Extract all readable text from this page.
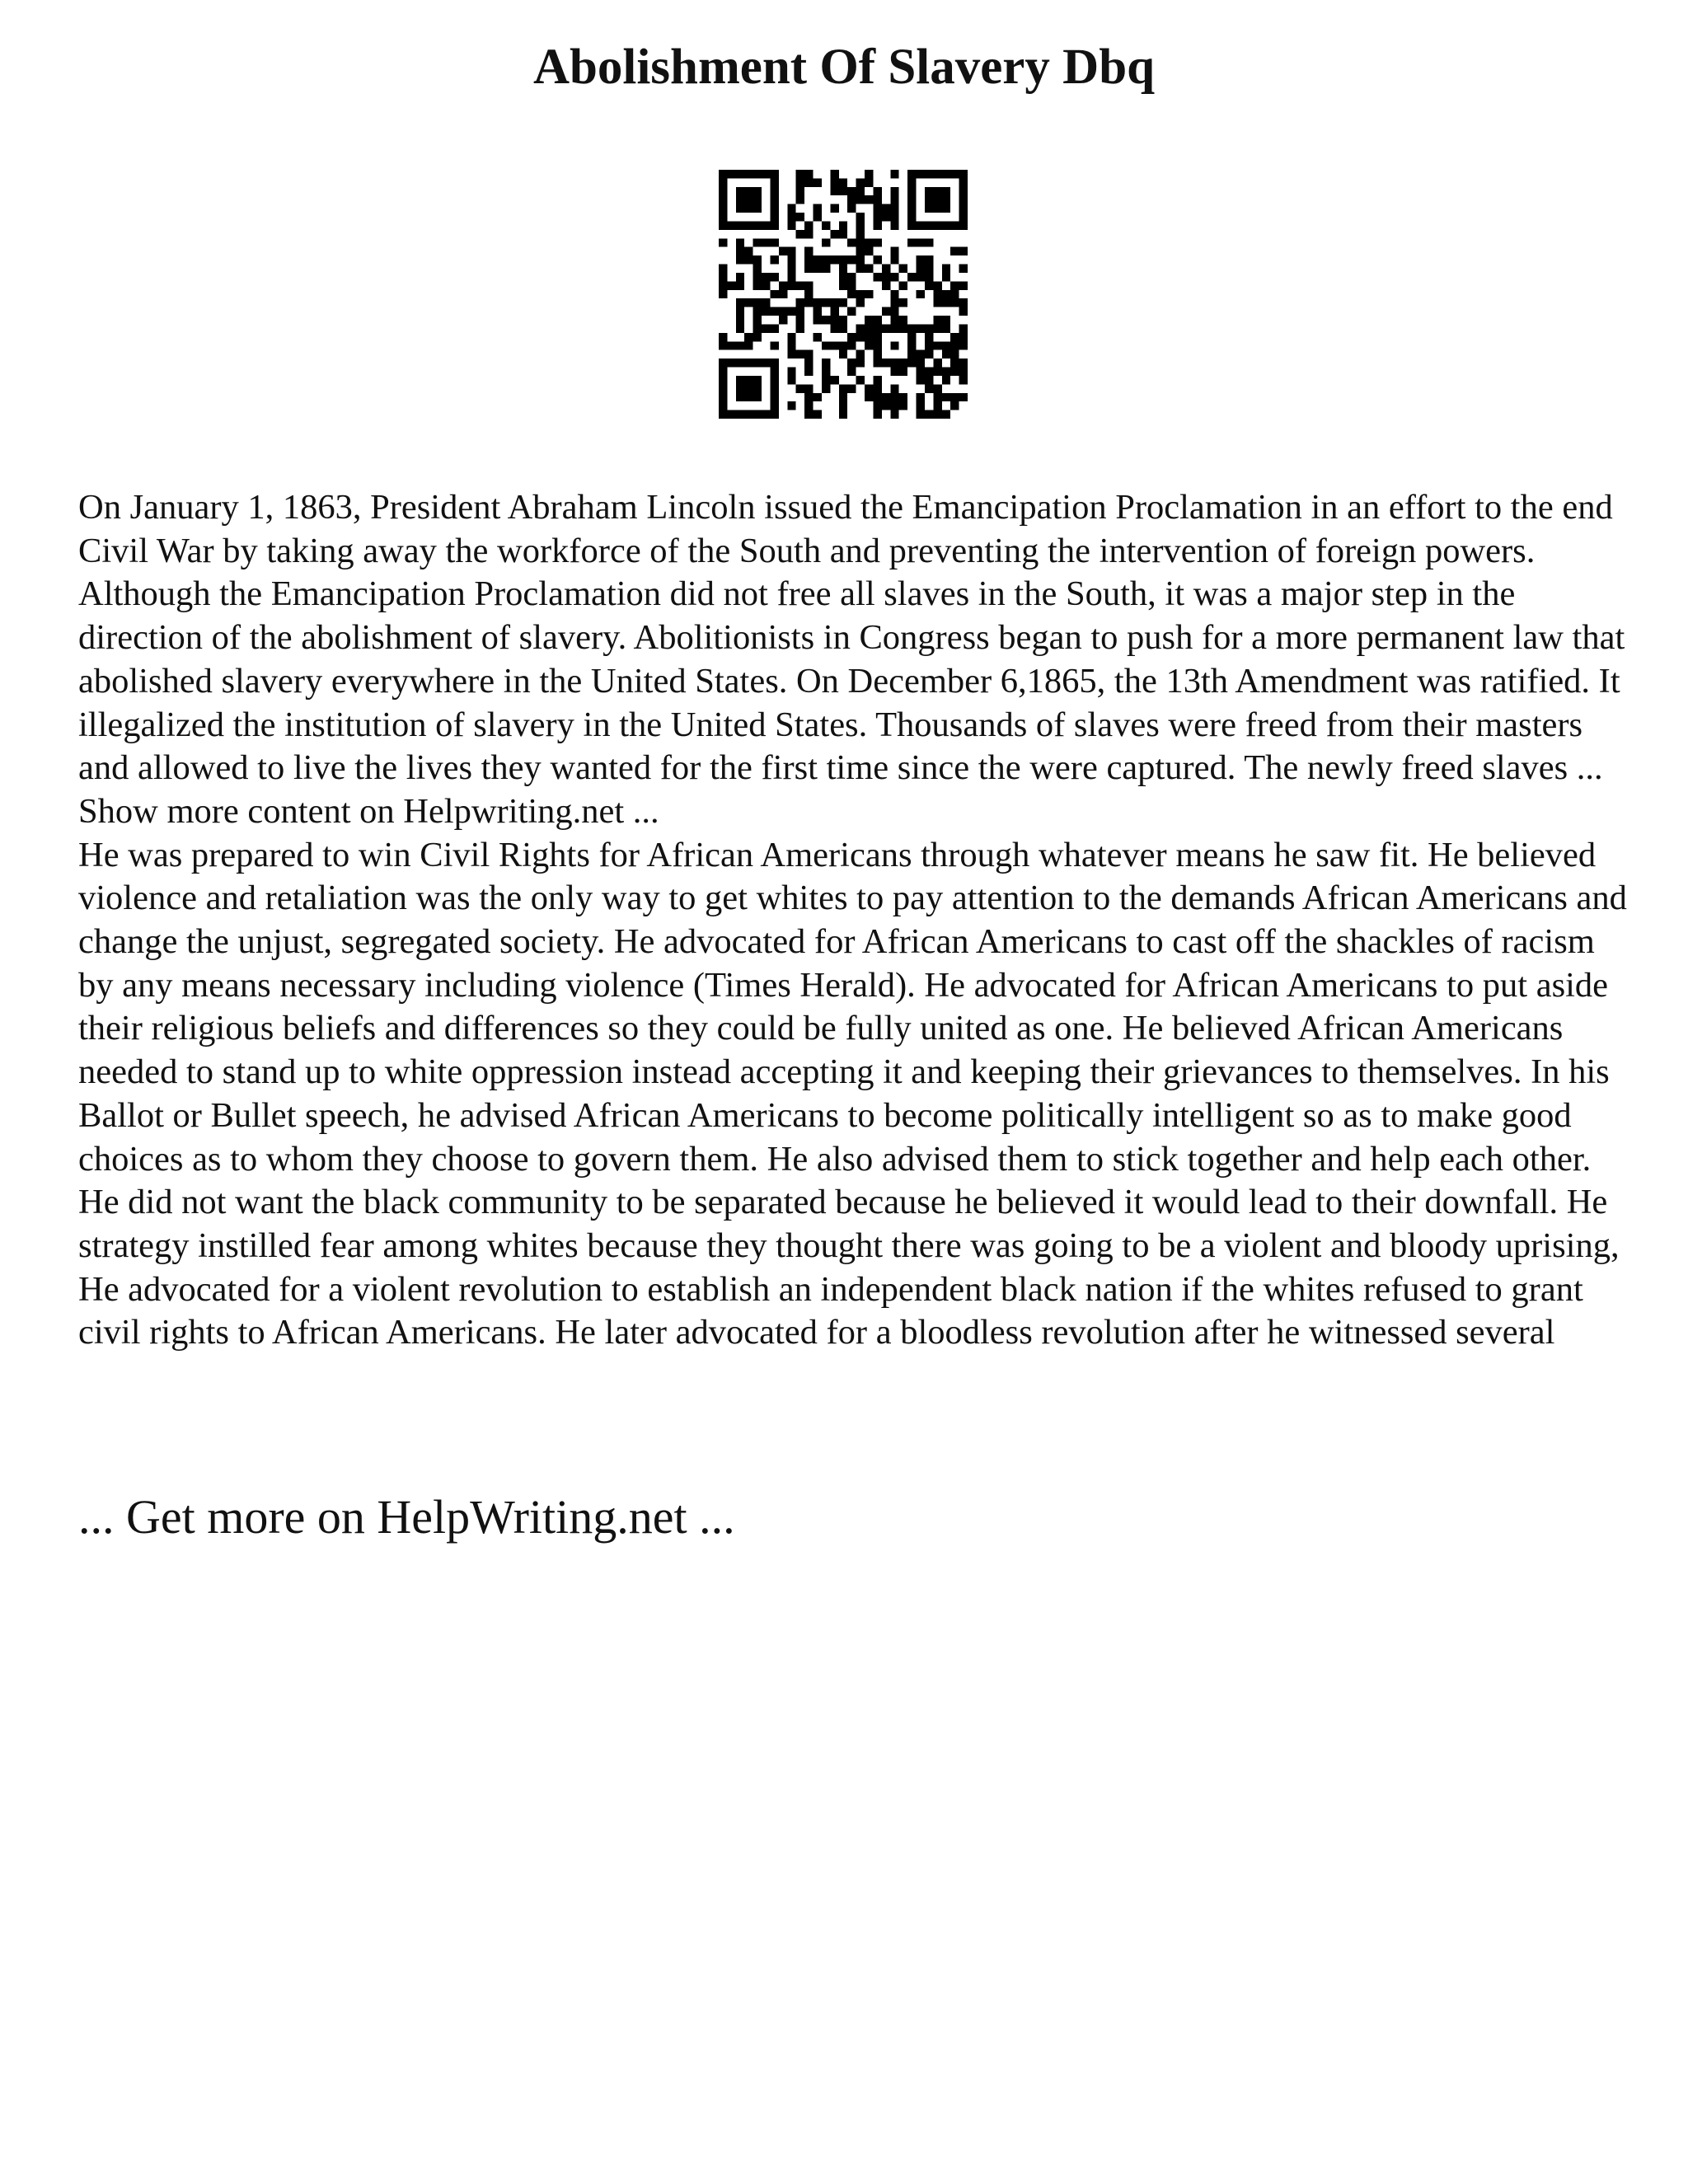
Abolishment Of Slavery Dbq

On January 1, 1863, President Abraham Lincoln issued the Emancipation Proclamation in an effort to the end Civil War by taking away the workforce of the South and preventing the intervention of foreign powers. Although the Emancipation Proclamation did not free all slaves in the South, it was a major step in the direction of the abolishment of slavery. Abolitionists in Congress began to push for a more permanent law that abolished slavery everywhere in the United States. On December 6,1865, the 13th Amendment was ratified. It illegalized the institution of slavery in the United States. Thousands of slaves were freed from their masters and allowed to live the lives they wanted for the first time since the were captured. The newly freed slaves ... Show more content on Helpwriting.net ...

He was prepared to win Civil Rights for African Americans through whatever means he saw fit. He believed violence and retaliation was the only way to get whites to pay attention to the demands African Americans and change the unjust, segregated society. He advocated for African Americans to cast off the shackles of racism by any means necessary including violence (Times Herald). He advocated for African Americans to put aside their religious beliefs and differences so they could be fully united as one. He believed African Americans needed to stand up to white oppression instead accepting it and keeping their grievances to themselves. In his Ballot or Bullet speech, he advised African Americans to become politically intelligent so as to make good choices as to whom they choose to govern them. He also advised them to stick together and help each other. He did not want the black community to be separated because he believed it would lead to their downfall. He strategy instilled fear among whites because they thought there was going to be a violent and bloody uprising, He advocated for a violent revolution to establish an independent black nation if the whites refused to grant civil rights to African Americans. He later advocated for a bloodless revolution after he witnessed several

... Get more on HelpWriting.net ...
